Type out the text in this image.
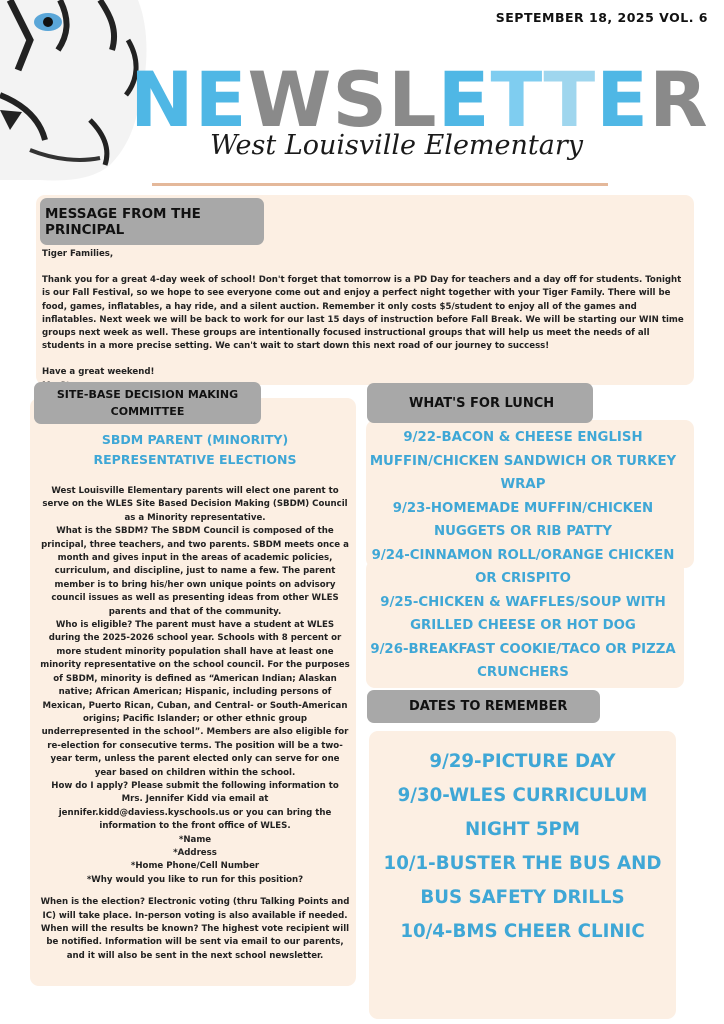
SEPTEMBER 18, 2025 VOL. 6
NEWSLETTER
West Louisville Elementary
MESSAGE FROM THE PRINCIPAL

Tiger Families,

Thank you for a great 4-day week of school! Don't forget that tomorrow is a PD Day for teachers and a day off for students. Tonight is our Fall Festival, so we hope to see everyone come out and enjoy a perfect night together with your Tiger Family. There will be food, games, inflatables, a hay ride, and a silent auction. Remember it only costs $5/student to enjoy all of the games and inflatables. Next week we will be back to work for our last 15 days of instruction before Fall Break. We will be starting our WIN time groups next week as well. These groups are intentionally focused instructional groups that will help us meet the needs of all students in a more precise setting. We can't wait to start down this next road of our journey to success!

Have a great weekend!

SITE-BASE DECISION MAKING COMMITTEE
SBDM PARENT (MINORITY) REPRESENTATIVE ELECTIONS

West Louisville Elementary parents will elect one parent to serve on the WLES Site Based Decision Making (SBDM) Council as a Minority representative.

What is the SBDM? The SBDM Council is composed of the principal, three teachers, and two parents. SBDM meets once a month and gives input in the areas of academic policies, curriculum, and discipline, just to name a few. The parent member is to bring his/her own unique points on advisory council issues as well as presenting ideas from other WLES parents and that of the community.

Who is eligible? The parent must have a student at WLES during the 2025-2026 school year. Schools with 8 percent or more student minority population shall have at least one minority representative on the school council. For the purposes of SBDM, minority is defined as “American Indian; Alaskan native; African American; Hispanic, including persons of Mexican, Puerto Rican, Cuban, and Central- or South-American origins; Pacific Islander; or other ethnic group underrepresented in the school”. Members are also eligible for re-election for consecutive terms. The position will be a two-year term, unless the parent elected only can serve for one year based on children within the school.

How do I apply? Please submit the following information to Mrs. Jennifer Kidd via email at jennifer.kidd@daviess.kyschools.us or you can bring the information to the front office of WLES.

*Name

*Address

*Home Phone/Cell Number

*Why would you like to run for this position?

When is the election? Electronic voting (thru Talking Points and IC) will take place. In-person voting is also available if needed. When will the results be known? The highest vote recipient will be notified. Information will be sent via email to our parents, and it will also be sent in the next school newsletter.

WHAT'S FOR LUNCH
9/22-BACON & CHEESE ENGLISH MUFFIN/CHICKEN SANDWICH OR TURKEY WRAP
9/23-HOMEMADE MUFFIN/CHICKEN NUGGETS OR RIB PATTY
9/24-CINNAMON ROLL/ORANGE CHICKEN OR CRISPITO
9/25-CHICKEN & WAFFLES/SOUP WITH GRILLED CHEESE OR HOT DOG
9/26-BREAKFAST COOKIE/TACO OR PIZZA CRUNCHERS
DATES TO REMEMBER
9/29-PICTURE DAY
9/30-WLES CURRICULUM NIGHT 5PM
10/1-BUSTER THE BUS AND BUS SAFETY DRILLS
10/4-BMS CHEER CLINIC
